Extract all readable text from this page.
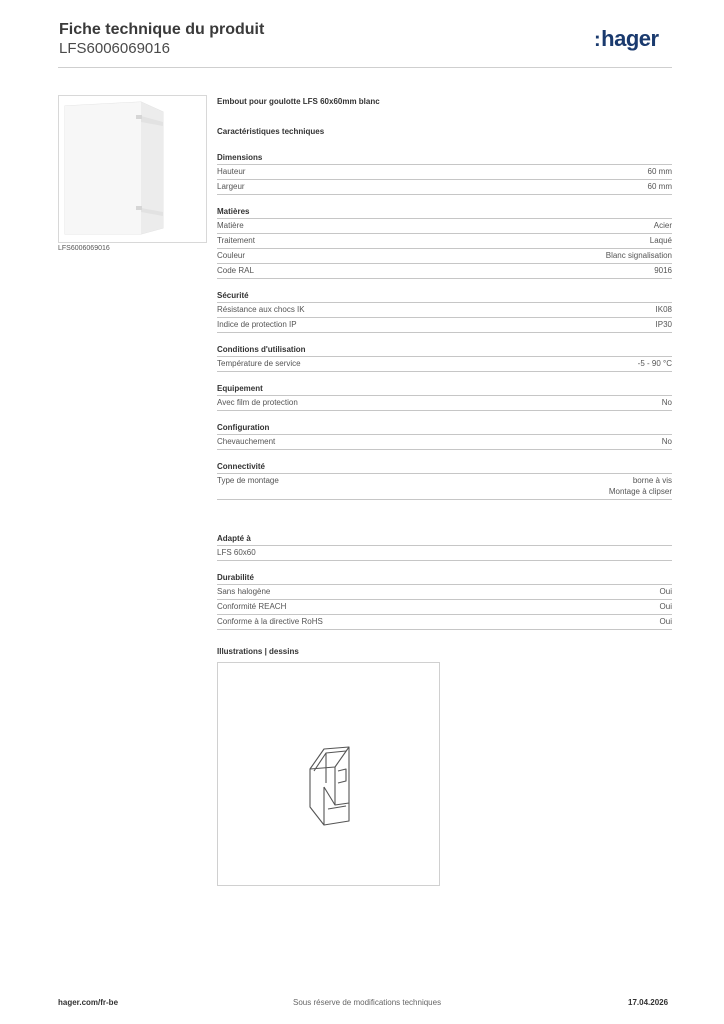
Fiche technique du produit
LFS6006069016	:hager
LFS6006069016
Embout pour goulotte LFS 60x60mm blanc
Caractéristiques techniques
Dimensions
Hauteur	60 mm
Largeur	60 mm
Matières
Matière	Acier
Traitement	Laqué
Couleur	Blanc signalisation
Code RAL	9016
Sécurité
Résistance aux chocs IK	IK08
Indice de protection IP	IP30
Conditions d'utilisation
Température de service	-5 - 90 °C
Equipement
Avec film de protection	No
Configuration
Chevauchement	No
Connectivité
Type de montage	borne à vis
Montage à clipser
Adapté à
LFS 60x60
Durabilité
Sans halogène	Oui
Conformité REACH	Oui
Conforme à la directive RoHS	Oui
Illustrations | dessins
hager.com/fr-be	Sous réserve de modifications techniques	17.04.2026
